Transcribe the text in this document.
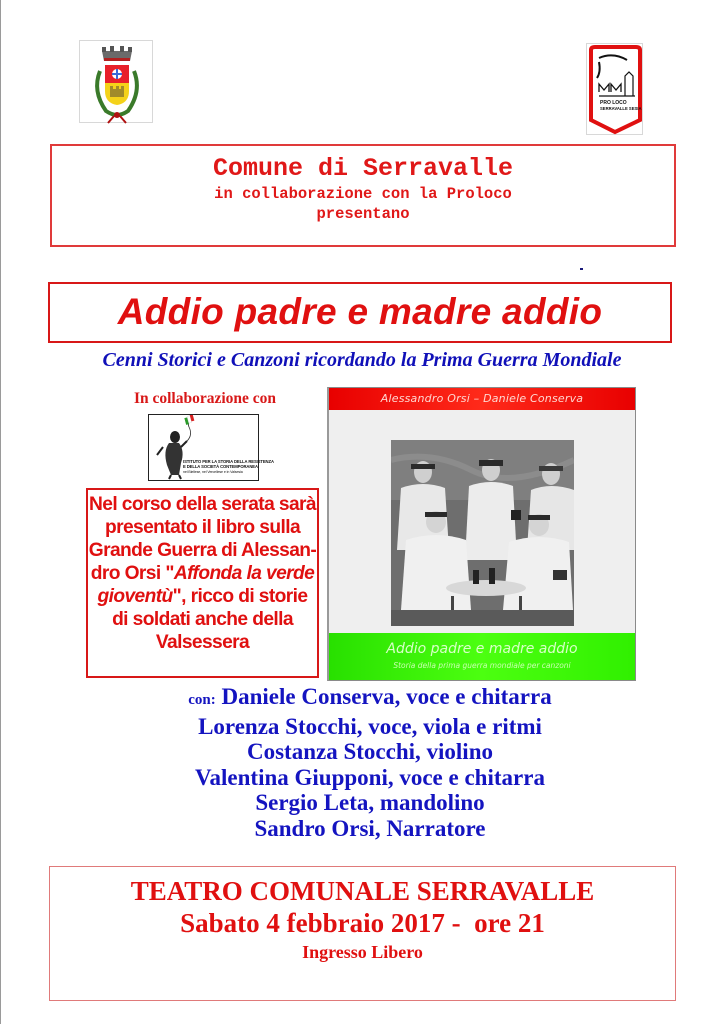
PRO LOCO
SERRAVALLE SESIA
Comune di Serravalle
in collaborazione con la Proloco
presentano
Addio padre e madre addio
Cenni Storici e Canzoni ricordando la Prima Guerra Mondiale
In collaborazione con
ISTITUTO PER LA STORIA DELLA RESISTENZA
E DELLA SOCIETÀ CONTEMPORANEA
nel Biellese, nel Vercellese e in Valsesia
Nel corso della serata sarà
presentato il libro sulla
Grande Guerra di Alessan-
dro Orsi "Affonda la verde
gioventù", ricco di storie
di soldati anche della
Valsessera
Alessandro Orsi – Daniele Conserva
Addio padre e madre addio
Storia della prima guerra mondiale per canzoni
con: Daniele Conserva, voce e chitarra
Lorenza Stocchi, voce, viola e ritmi
Costanza Stocchi, violino
Valentina Giupponi, voce e chitarra
Sergio Leta, mandolino
Sandro Orsi, Narratore
TEATRO COMUNALE SERRAVALLE
Sabato 4 febbraio 2017 -  ore 21
Ingresso Libero
